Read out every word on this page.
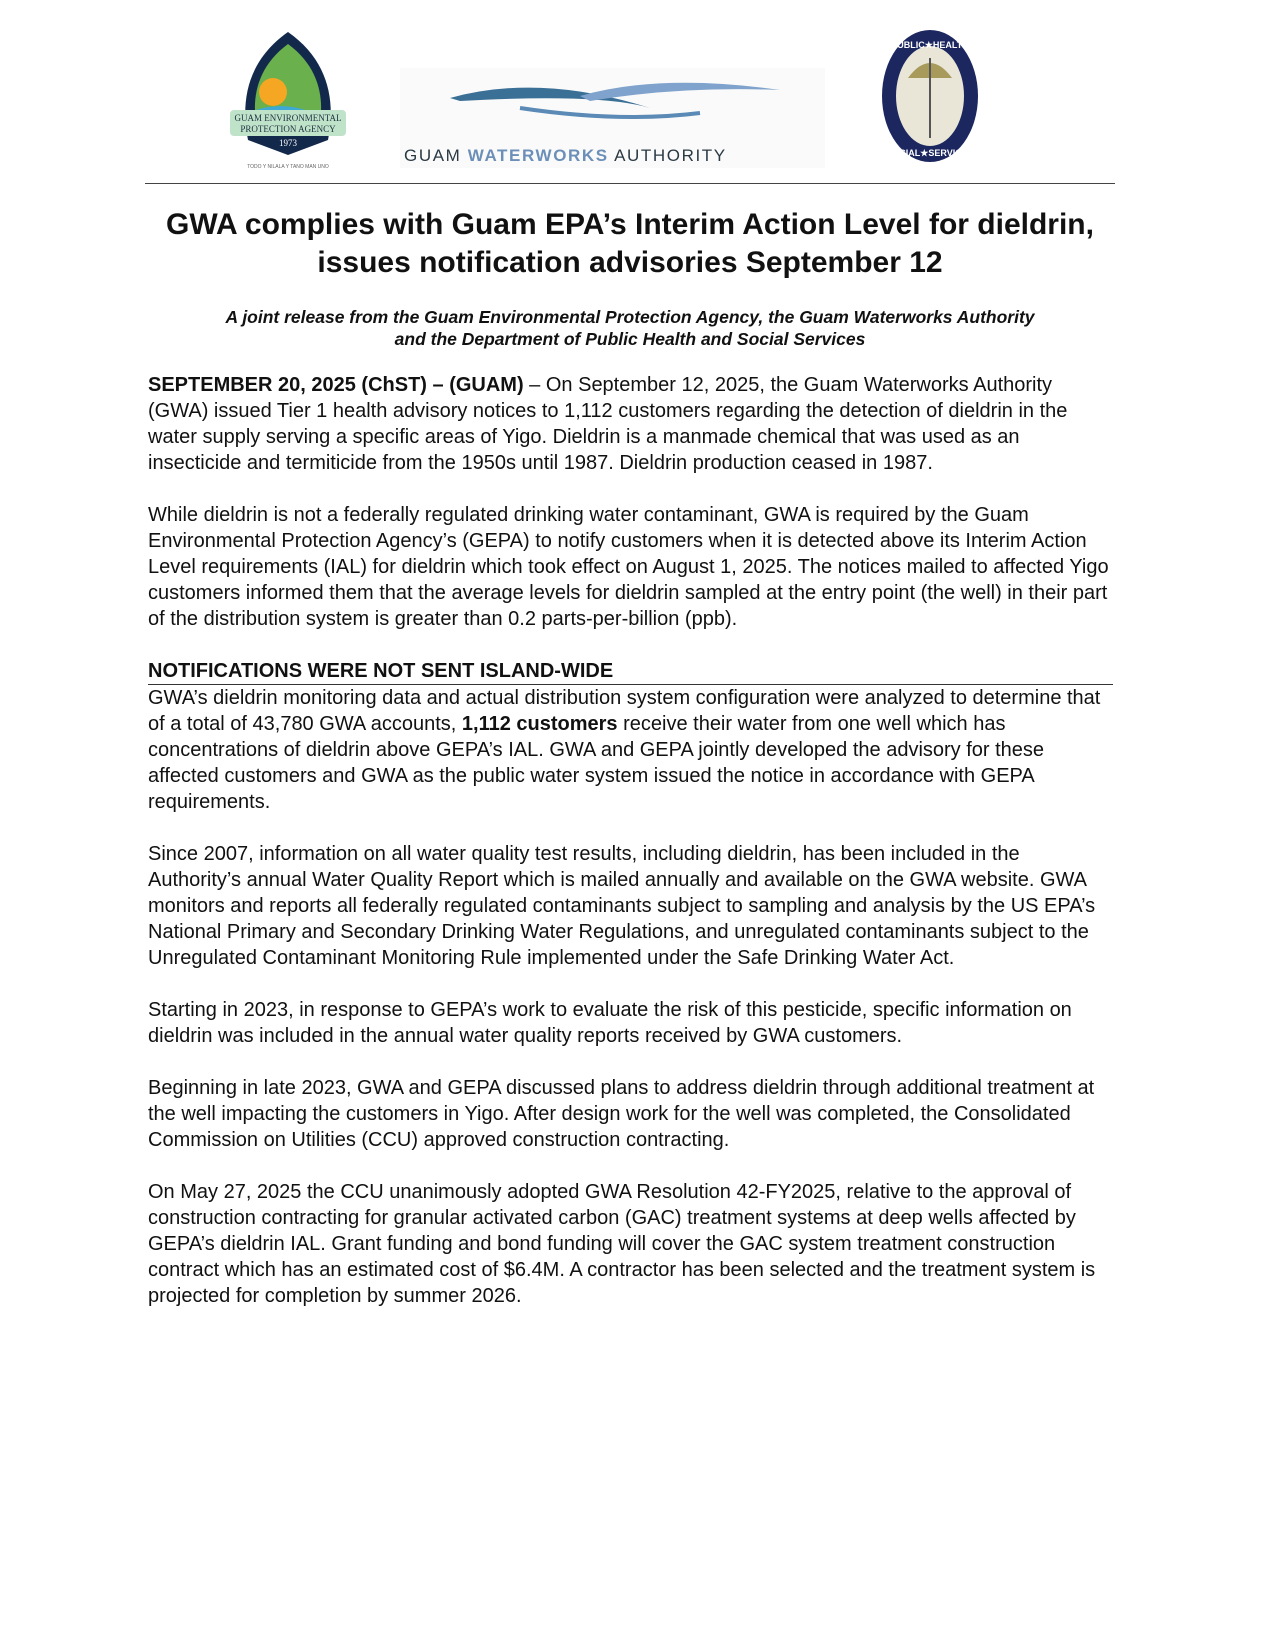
GUAM ENVIRONMENTAL
PROTECTION AGENCY
1973
TODO Y NILALA Y TANO MAN UNO
GUAM WATERWORKS AUTHORITY
PUBLIC★HEALTH
SOCIAL★SERVICES
GWA complies with Guam EPA’s Interim Action Level for dieldrin, issues notification advisories September 12
A joint release from the Guam Environmental Protection Agency, the Guam Waterworks Authority
and the Department of Public Health and Social Services

SEPTEMBER 20, 2025 (ChST) – (GUAM) – On September 12, 2025, the Guam Waterworks Authority (GWA) issued Tier 1 health advisory notices to 1,112 customers regarding the detection of dieldrin in the water supply serving a specific areas of Yigo. Dieldrin is a manmade chemical that was used as an insecticide and termiticide from the 1950s until 1987. Dieldrin production ceased in 1987.

While dieldrin is not a federally regulated drinking water contaminant, GWA is required by the Guam Environmental Protection Agency’s (GEPA) to notify customers when it is detected above its Interim Action Level requirements (IAL) for dieldrin which took effect on August 1, 2025. The notices mailed to affected Yigo customers informed them that the average levels for dieldrin sampled at the entry point (the well) in their part of the distribution system is greater than 0.2 parts-per-billion (ppb).

NOTIFICATIONS WERE NOT SENT ISLAND-WIDE

GWA’s dieldrin monitoring data and actual distribution system configuration were analyzed to determine that of a total of 43,780 GWA accounts, 1,112 customers receive their water from one well which has concentrations of dieldrin above GEPA’s IAL. GWA and GEPA jointly developed the advisory for these affected customers and GWA as the public water system issued the notice in accordance with GEPA requirements.

Since 2007, information on all water quality test results, including dieldrin, has been included in the Authority’s annual Water Quality Report which is mailed annually and available on the GWA website. GWA monitors and reports all federally regulated contaminants subject to sampling and analysis by the US EPA’s National Primary and Secondary Drinking Water Regulations, and unregulated contaminants subject to the Unregulated Contaminant Monitoring Rule implemented under the Safe Drinking Water Act.

Starting in 2023, in response to GEPA’s work to evaluate the risk of this pesticide, specific information on dieldrin was included in the annual water quality reports received by GWA customers.

Beginning in late 2023, GWA and GEPA discussed plans to address dieldrin through additional treatment at the well impacting the customers in Yigo. After design work for the well was completed, the Consolidated Commission on Utilities (CCU) approved construction contracting.

On May 27, 2025 the CCU unanimously adopted GWA Resolution 42-FY2025, relative to the approval of construction contracting for granular activated carbon (GAC) treatment systems at deep wells affected by GEPA’s dieldrin IAL. Grant funding and bond funding will cover the GAC system treatment construction contract which has an estimated cost of $6.4M. A contractor has been selected and the treatment system is projected for completion by summer 2026.
